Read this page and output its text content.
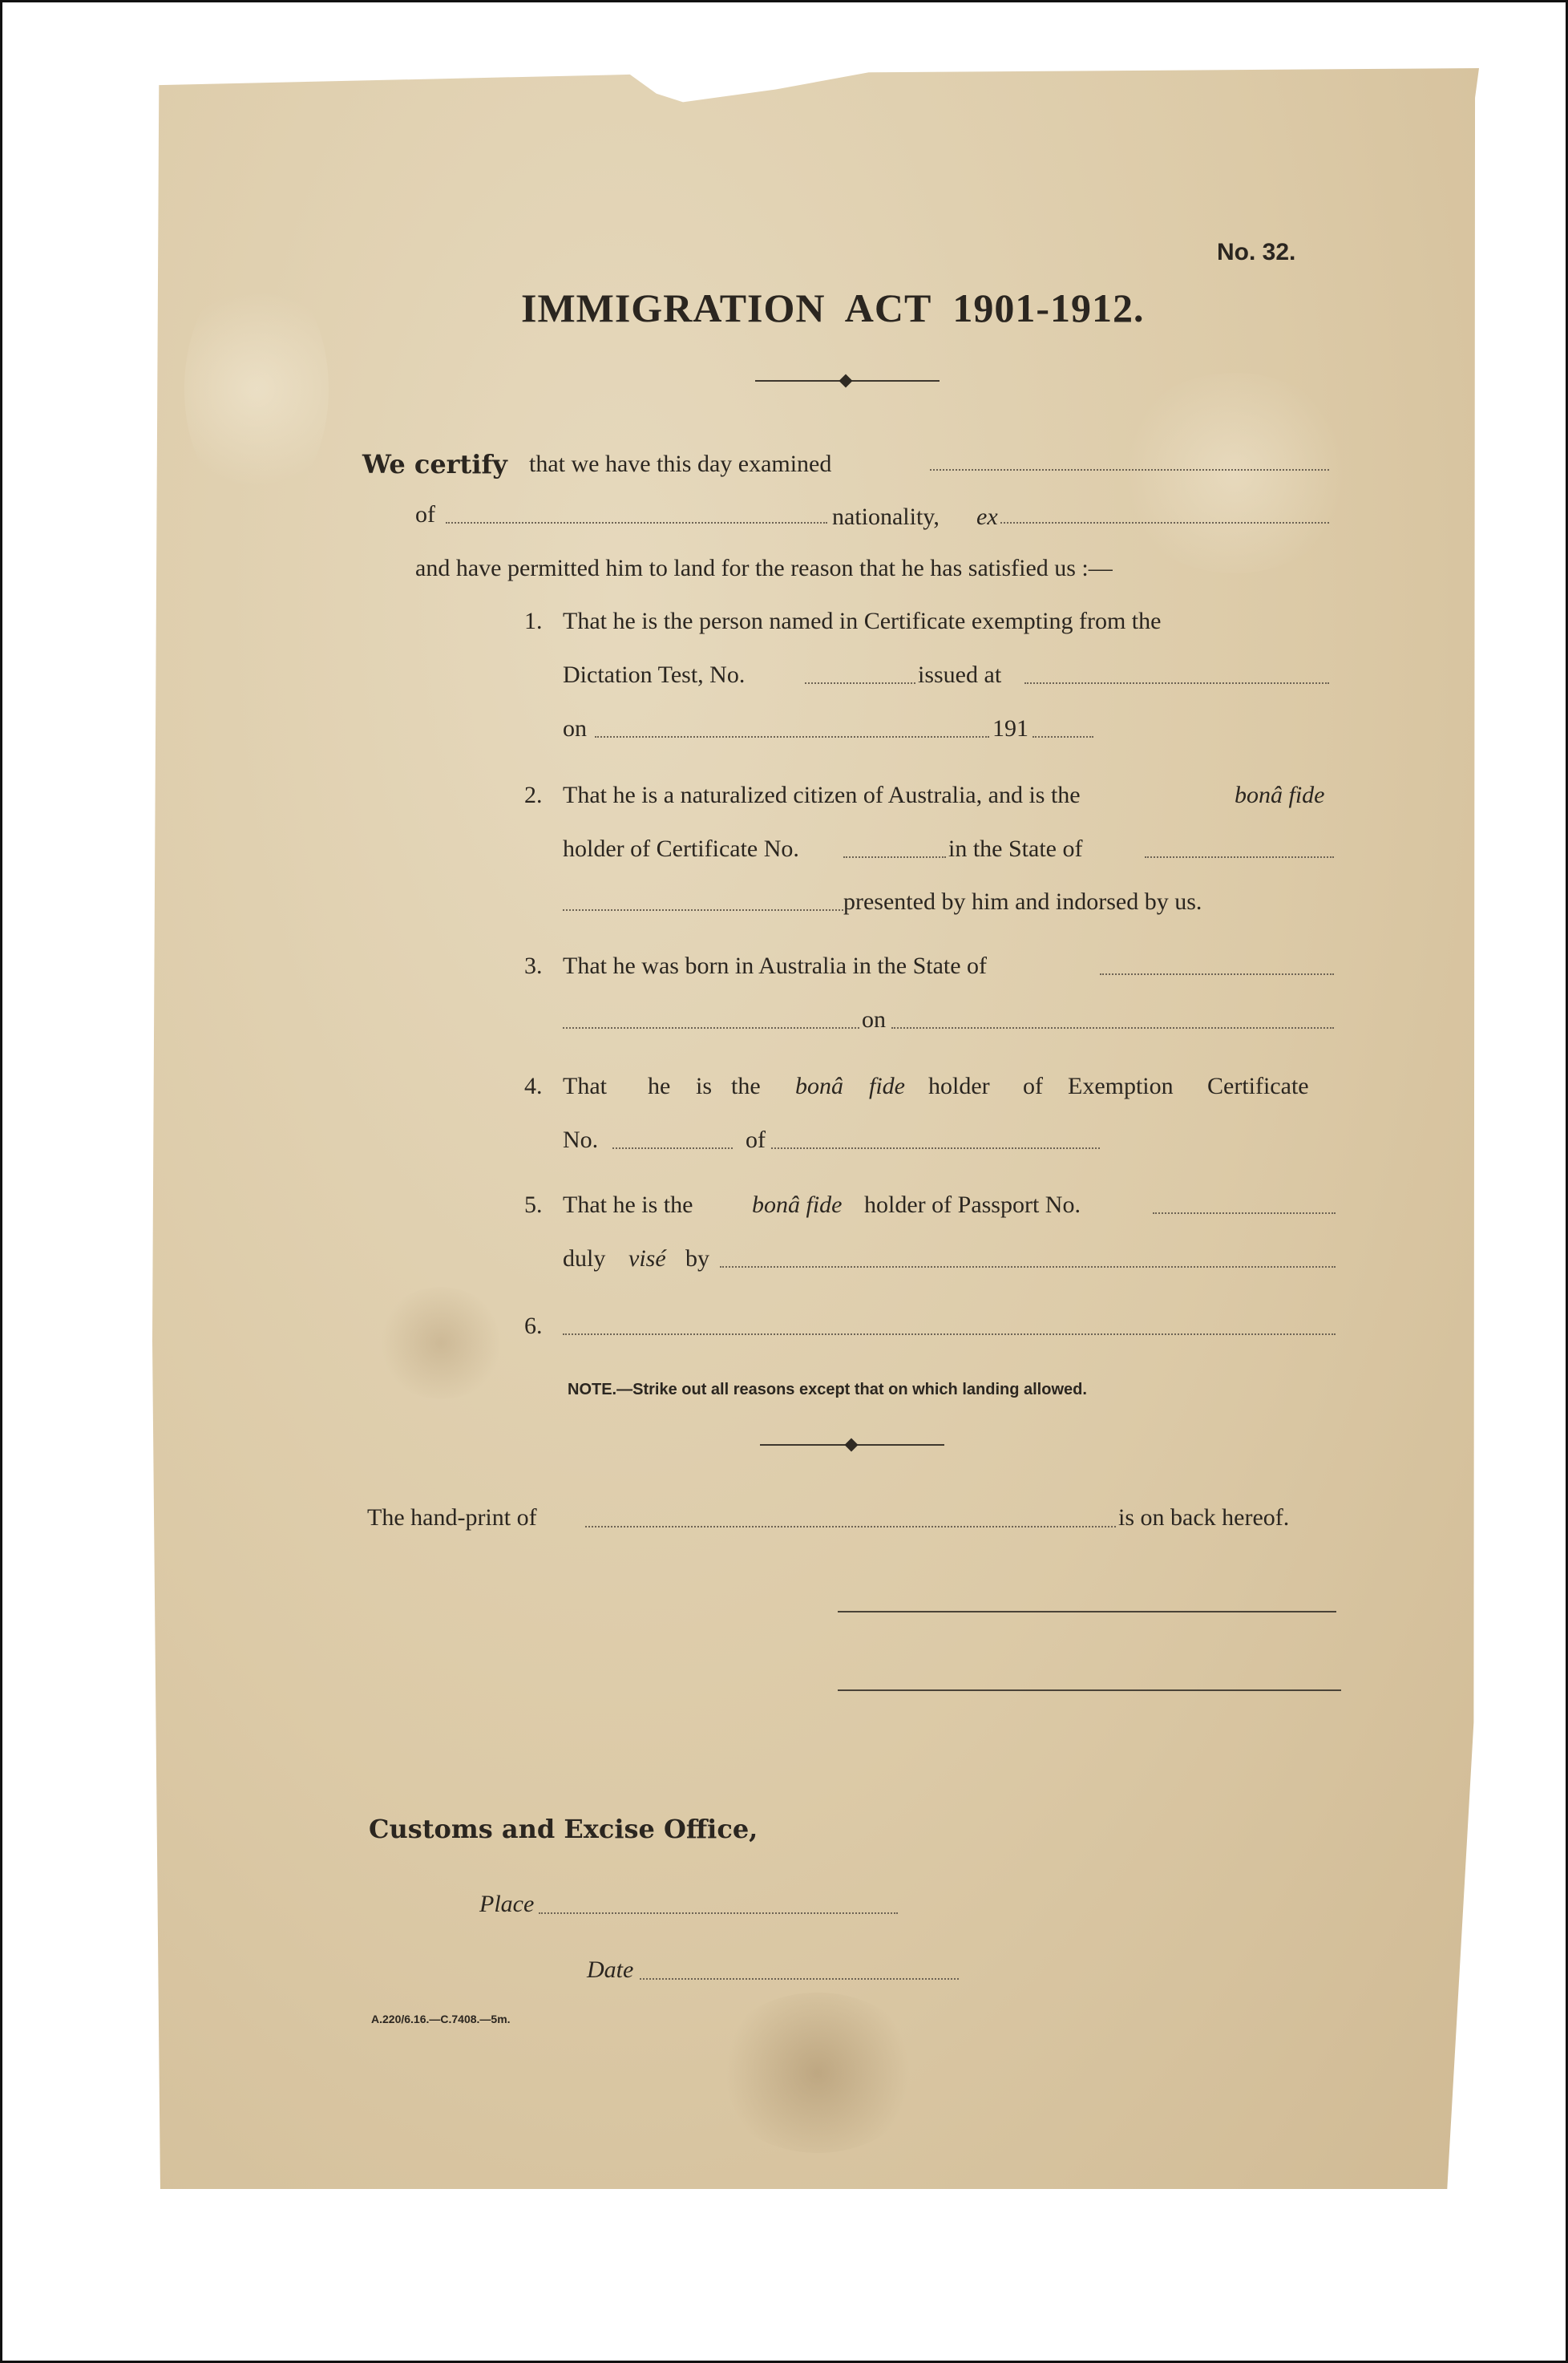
No. 32.
IMMIGRATION  ACT  1901-1912.
We certify that we have this day examined
of	nationality, ex
and have permitted him to land for the reason that he has satisfied us :—
1. That he is the person named in Certificate exempting from the
Dictation Test, No.	issued at
on	191
2. That he is a naturalized citizen of Australia, and is the	bonâ fide
holder of Certificate No.	in the State of
presented by him and indorsed by us.
3. That he was born in Australia in the State of
on
4. That he is the bonâ fide holder of Exemption Certificate
No.	of
5. That he is the bonâ fide holder of Passport No.
duly visé by
6.
NOTE.—Strike out all reasons except that on which landing allowed.
The hand-print of	is on back hereof.
Customs and Excise Office,
Place
Date
A.220/6.16.—C.7408.—5m.
